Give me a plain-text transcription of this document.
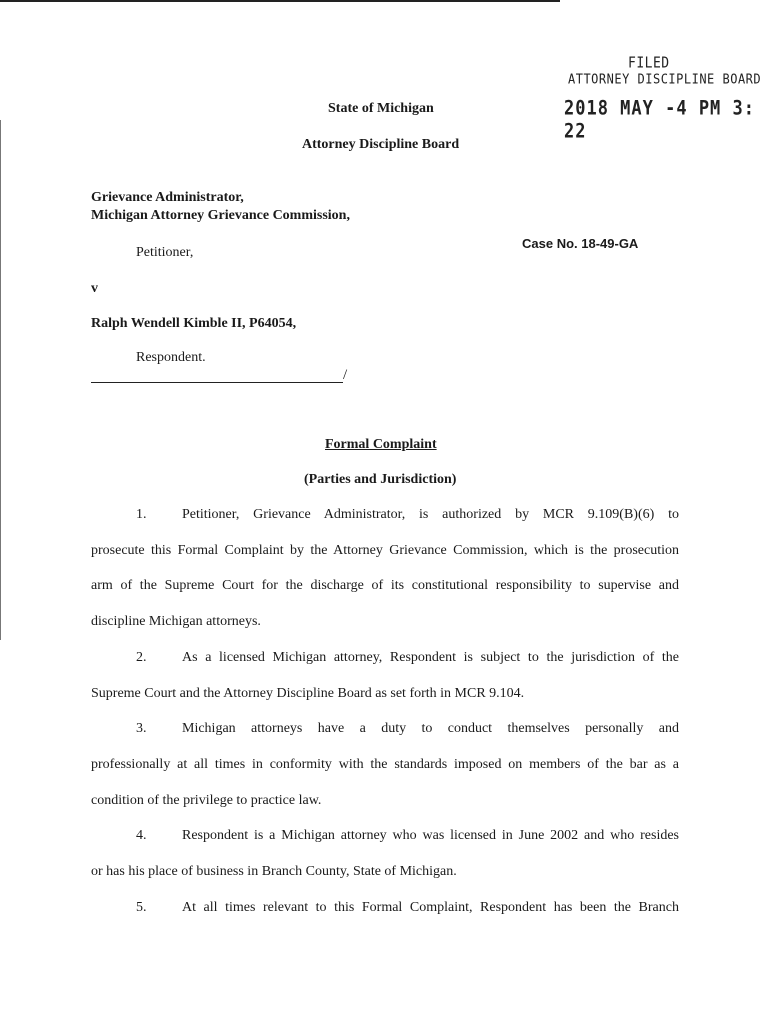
FILED
ATTORNEY DISCIPLINE BOARD
2018 MAY -4 PM 3: 22
State of Michigan
Attorney Discipline Board
Grievance Administrator,
Michigan Attorney Grievance Commission,
Petitioner,
v
Ralph Wendell Kimble II, P64054,
Respondent.
/
Case No. 18-49-GA
Formal Complaint
(Parties and Jurisdiction)
1.	Petitioner, Grievance Administrator, is authorized by MCR 9.109(B)(6) to
prosecute this Formal Complaint by the Attorney Grievance Commission, which is the prosecution
arm of the Supreme Court for the discharge of its constitutional responsibility to supervise and
discipline Michigan attorneys.
2.	As a licensed Michigan attorney, Respondent is subject to the jurisdiction of the
Supreme Court and the Attorney Discipline Board as set forth in MCR 9.104.
3.	Michigan attorneys have a duty to conduct themselves personally and
professionally at all times in conformity with the standards imposed on members of the bar as a
condition of the privilege to practice law.
4.	Respondent is a Michigan attorney who was licensed in June 2002 and who resides
or has his place of business in Branch County, State of Michigan.
5.	At all times relevant to this Formal Complaint, Respondent has been the Branch
